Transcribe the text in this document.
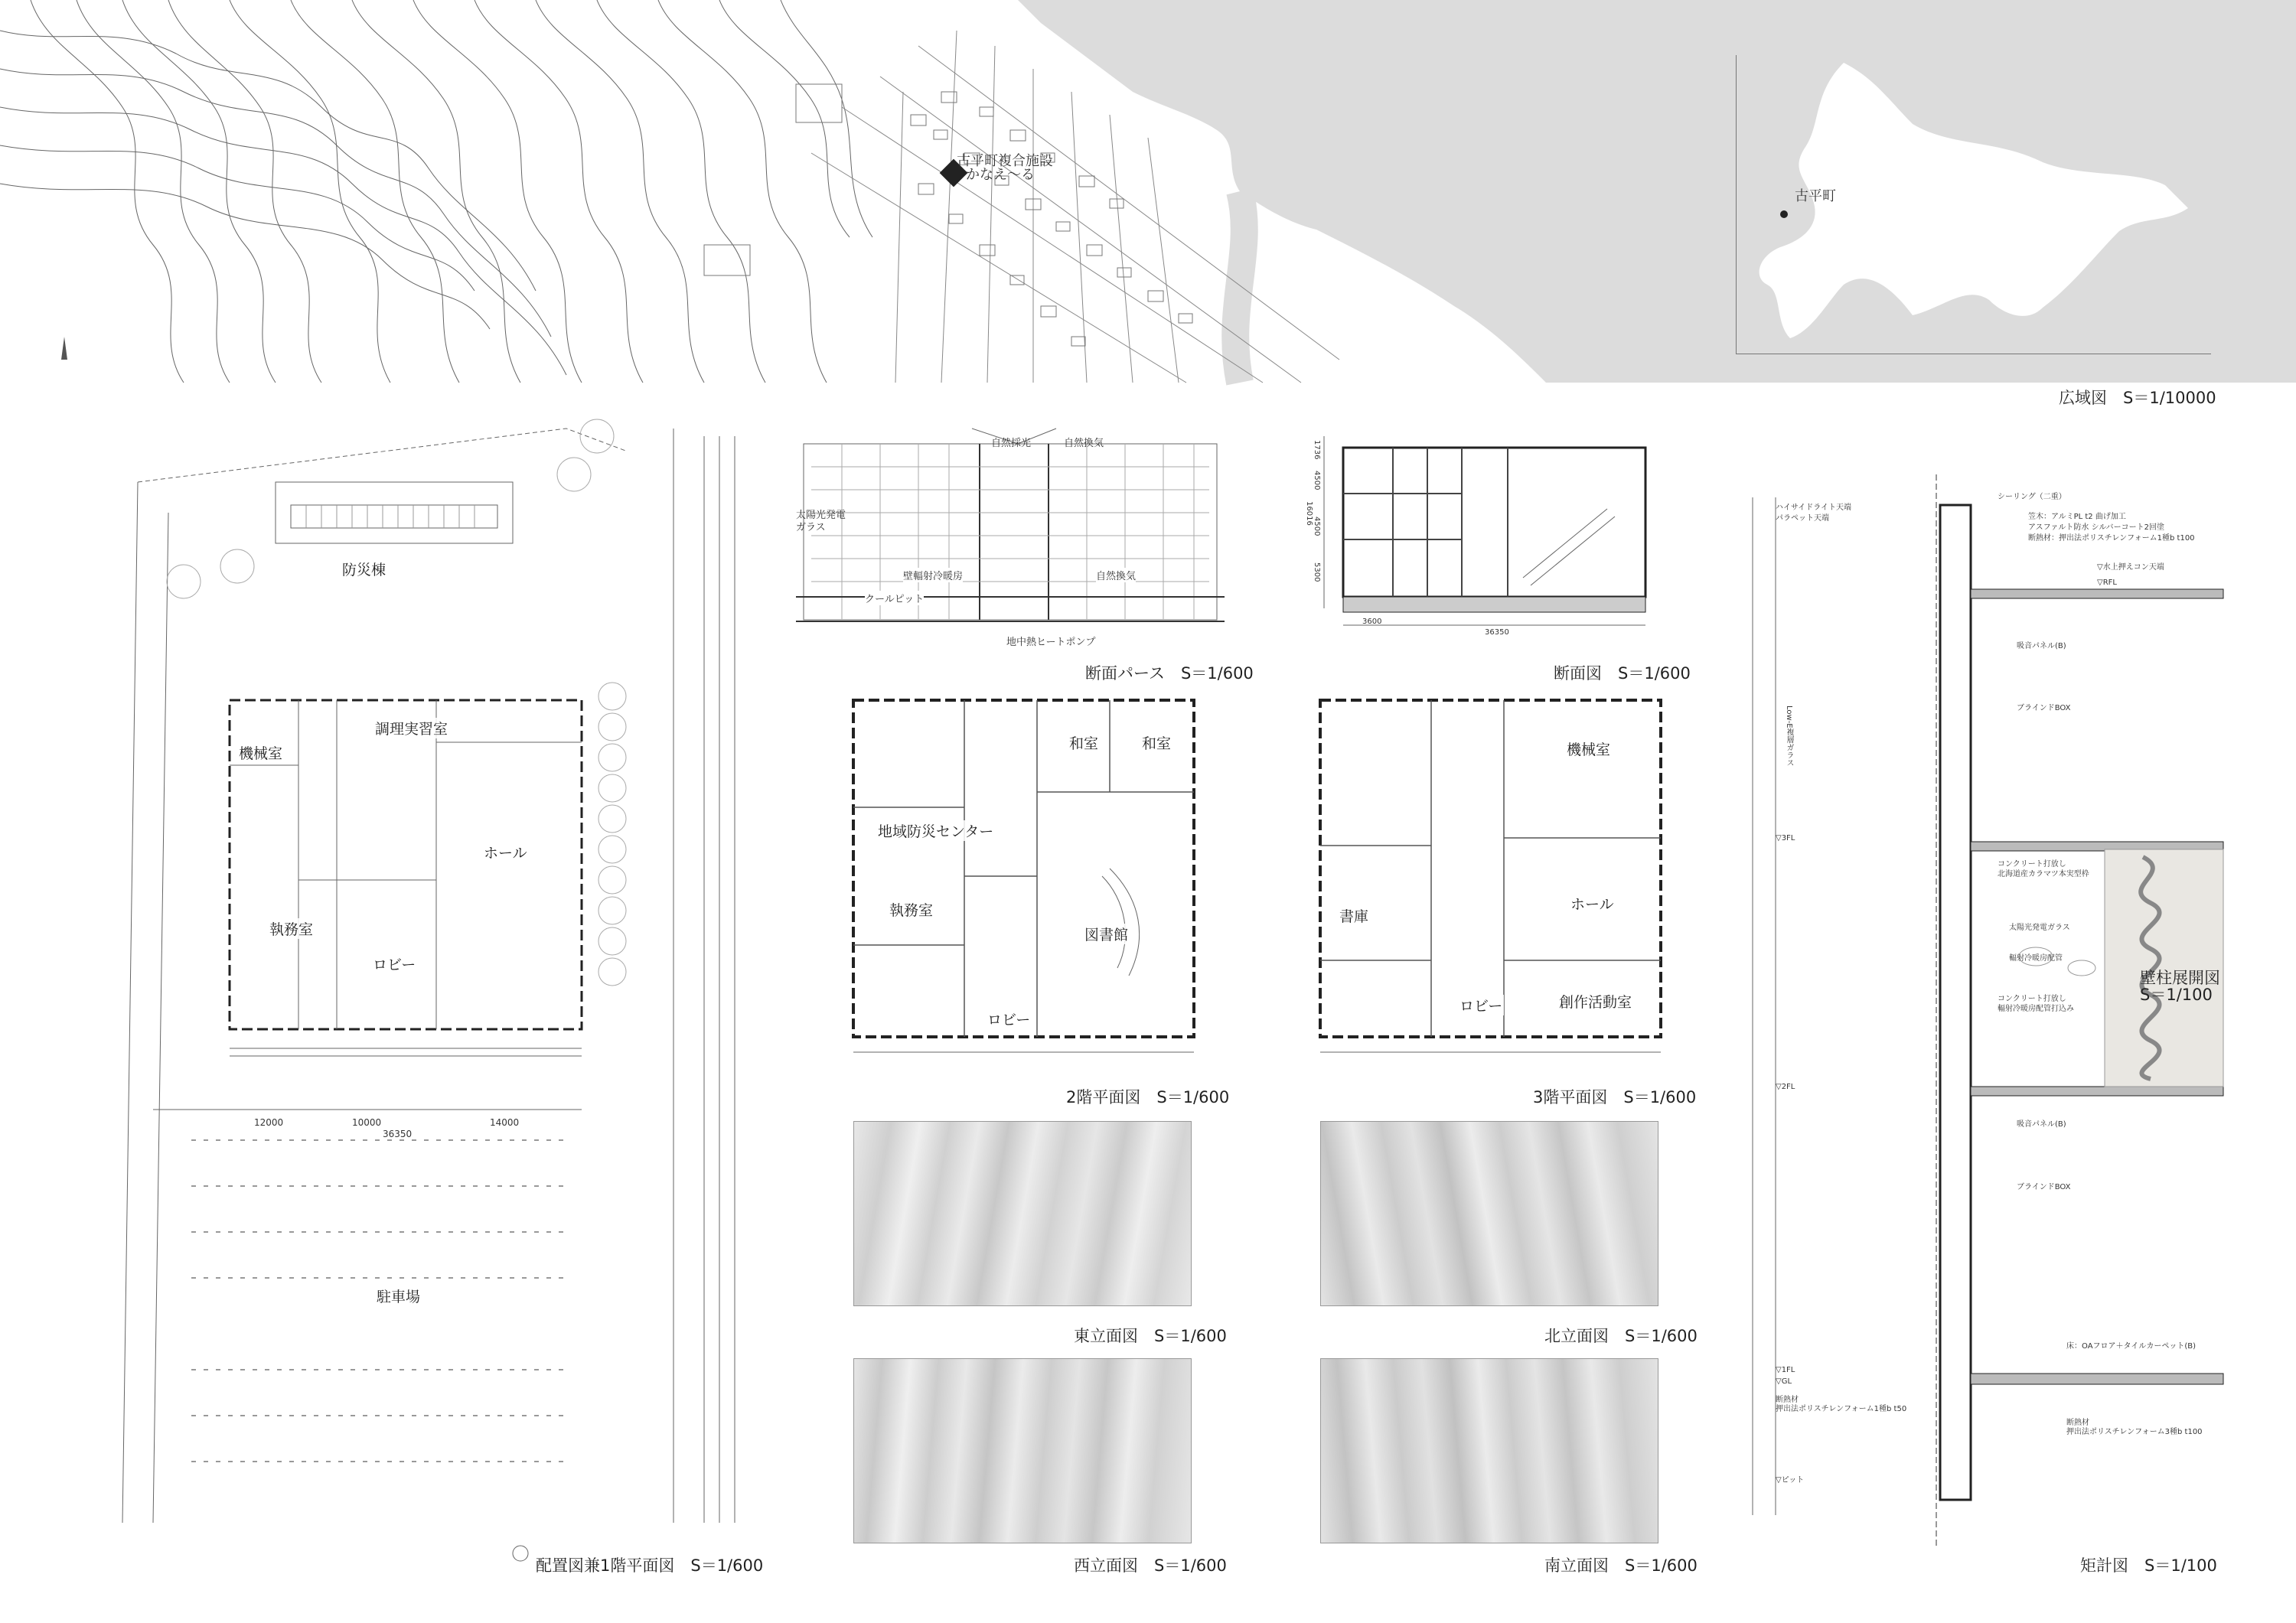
古平町複合施設
かなえ～る
古平町
広域図　S＝1/10000
防災棟
調理実習室
機械室
ホール
執務室
ロビー
12000	10000	14000
36350
駐車場
配置図兼1階平面図　S＝1/600
自然採光	自然換気
太陽光発電
ガラス
壁輻射冷暖房	自然換気
クールピット
地中熱ヒートポンプ
断面パース　S＝1/600
1736
4500
4500
5300
16016
3600
36350
断面図　S＝1/600
和室	和室
地域防災センター
執務室
図書館
ロビー
2階平面図　S＝1/600
機械室
ホール
書庫
ロビー	創作活動室
3階平面図　S＝1/600
東立面図　S＝1/600	北立面図　S＝1/600
西立面図　S＝1/600	南立面図　S＝1/600
シーリング（二重）
ハイサイドライト天端
パラペット天端	笠木：アルミPL t2 曲げ加工
アスファルト防水 シルバーコート2回塗
断熱材：押出法ポリスチレンフォーム1種b t100
▽水上押えコン天端
▽RFL
Low-E複層ガラス	ブラインドBOX
吸音パネル(B)
▽3FL
コンクリート打放し
北海道産カラマツ本実型枠
太陽光発電ガラス
輻射冷暖房配管
コンクリート打放し
輻射冷暖房配管打込み
▽2FL
吸音パネル(B)
ブラインドBOX
床：OAフロア＋タイルカーペット(B)
▽1FL
▽GL
断熱材
押出法ポリスチレンフォーム1種b t50
断熱材
押出法ポリスチレンフォーム3種b t100
▽ピット
壁柱展開図
S＝1/100
矩計図　S＝1/100
